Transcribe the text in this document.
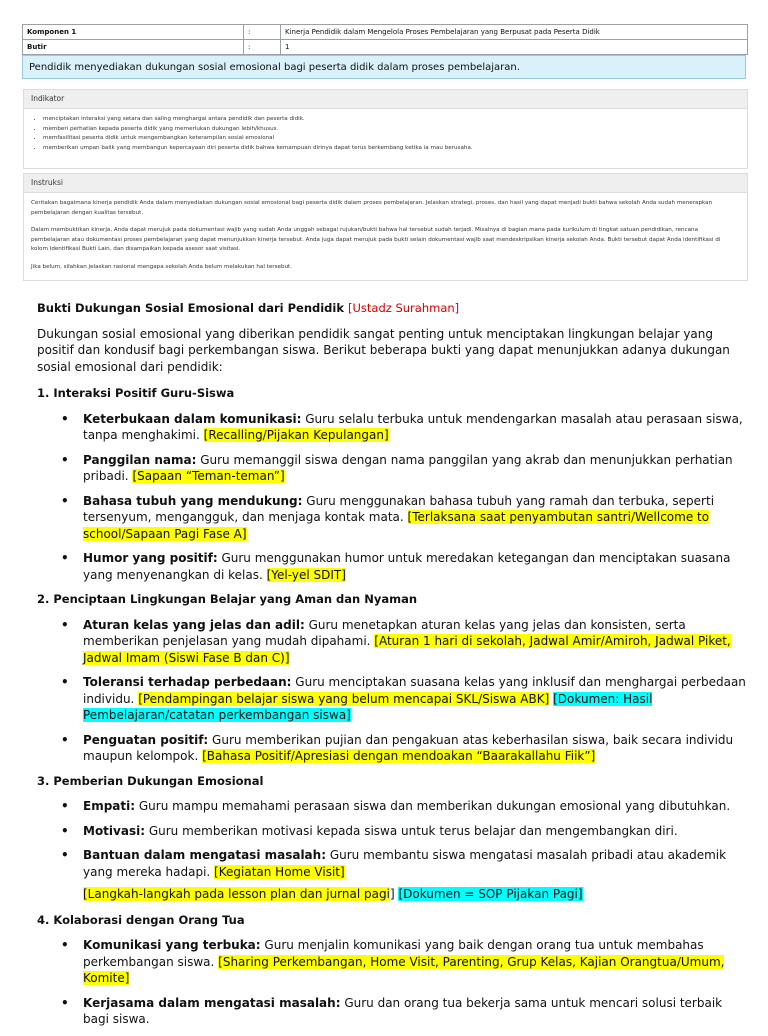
Komponen 1	:	Kinerja Pendidik dalam Mengelola Proses Pembelajaran yang Berpusat pada Peserta Didik
Butir	:	1
Pendidik menyediakan dukungan sosial emosional bagi peserta didik dalam proses pembelajaran.
Indikator
• menciptakan interaksi yang setara dan saling menghargai antara pendidik dan peserta didik.
• memberi perhatian kepada peserta didik yang memerlukan dukungan lebih/khusus.
• memfasilitasi peserta didik untuk mengembangkan keterampilan sosial emosional
• memberikan umpan balik yang membangun kepercayaan diri peserta didik bahwa kemampuan dirinya dapat terus berkembang ketika ia mau berusaha.
Instruksi

Ceritakan bagaimana kinerja pendidik Anda dalam menyediakan dukungan sosial emosional bagi peserta didik dalam proses pembelajaran. Jelaskan strategi, proses, dan hasil yang dapat menjadi bukti bahwa sekolah Anda sudah menerapkan pembelajaran dengan kualitas tersebut.

Dalam membuktikan kinerja, Anda dapat merujuk pada dokumentasi wajib yang sudah Anda unggah sebagai rujukan/bukti bahwa hal tersebut sudah terjadi. Misalnya di bagian mana pada kurikulum di tingkat satuan pendidikan, rencana pembelajaran atau dokumentasi proses pembelajaran yang dapat menunjukkan kinerja tersebut. Anda juga dapat merujuk pada bukti selain dokumentasi wajib saat mendeskripsikan kinerja sekolah Anda. Bukti tersebut dapat Anda identifikasi di kolom Identifikasi Bukti Lain, dan disampaikan kepada asesor saat visitasi.

Jika belum, silahkan jelaskan rasional mengapa sekolah Anda belum melakukan hal tersebut.

Bukti Dukungan Sosial Emosional dari Pendidik [Ustadz Surahman]
Dukungan sosial emosional yang diberikan pendidik sangat penting untuk menciptakan lingkungan belajar yang positif dan kondusif bagi perkembangan siswa. Berikut beberapa bukti yang dapat menunjukkan adanya dukungan sosial emosional dari pendidik:
1. Interaksi Positif Guru-Siswa
• Keterbukaan dalam komunikasi: Guru selalu terbuka untuk mendengarkan masalah atau perasaan siswa, tanpa menghakimi. [Recalling/Pijakan Kepulangan]
• Panggilan nama: Guru memanggil siswa dengan nama panggilan yang akrab dan menunjukkan perhatian pribadi. [Sapaan “Teman-teman”]
• Bahasa tubuh yang mendukung: Guru menggunakan bahasa tubuh yang ramah dan terbuka, seperti tersenyum, mengangguk, dan menjaga kontak mata. [Terlaksana saat penyambutan santri/Wellcome to school/Sapaan Pagi Fase A]
• Humor yang positif: Guru menggunakan humor untuk meredakan ketegangan dan menciptakan suasana yang menyenangkan di kelas. [Yel-yel SDIT]
2. Penciptaan Lingkungan Belajar yang Aman dan Nyaman
• Aturan kelas yang jelas dan adil: Guru menetapkan aturan kelas yang jelas dan konsisten, serta memberikan penjelasan yang mudah dipahami. [Aturan 1 hari di sekolah, Jadwal Amir/Amiroh, Jadwal Piket, Jadwal Imam (Siswi Fase B dan C)]
• Toleransi terhadap perbedaan: Guru menciptakan suasana kelas yang inklusif dan menghargai perbedaan individu. [Pendampingan belajar siswa yang belum mencapai SKL/Siswa ABK] [Dokumen: Hasil Pembelajaran/catatan perkembangan siswa]
• Penguatan positif: Guru memberikan pujian dan pengakuan atas keberhasilan siswa, baik secara individu maupun kelompok. [Bahasa Positif/Apresiasi dengan mendoakan “Baarakallahu Fiik”]
3. Pemberian Dukungan Emosional
• Empati: Guru mampu memahami perasaan siswa dan memberikan dukungan emosional yang dibutuhkan.
• Motivasi: Guru memberikan motivasi kepada siswa untuk terus belajar dan mengembangkan diri.
• Bantuan dalam mengatasi masalah: Guru membantu siswa mengatasi masalah pribadi atau akademik yang mereka hadapi. [Kegiatan Home Visit]
[Langkah-langkah pada lesson plan dan jurnal pagi] [Dokumen = SOP Pijakan Pagi]
4. Kolaborasi dengan Orang Tua
• Komunikasi yang terbuka: Guru menjalin komunikasi yang baik dengan orang tua untuk membahas perkembangan siswa. [Sharing Perkembangan, Home Visit, Parenting, Grup Kelas, Kajian Orangtua/Umum, Komite]
• Kerjasama dalam mengatasi masalah: Guru dan orang tua bekerja sama untuk mencari solusi terbaik bagi siswa.
